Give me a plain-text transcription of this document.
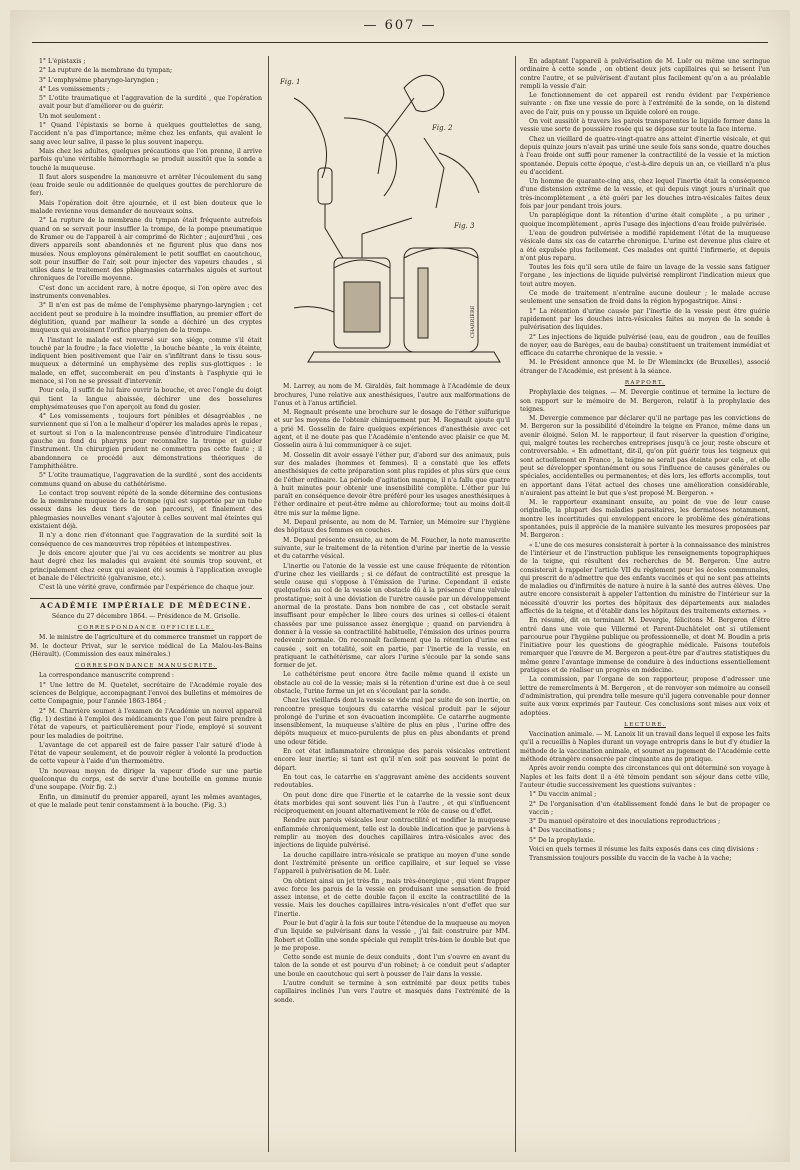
— 607 —

1° L'épistaxis ;

2° La rupture de la membrane du tympan;

3° L'emphysème pharyngo-laryngien ;

4° Les vomissements ;

5° L'otite traumatique et l'aggravation de la surdité , que l'opération avait pour but d'améliorer ou de guérir.

Un mot seulement :

1° Quand l'épistaxis se borne à quelques gouttelettes de sang, l'accident n'a pas d'importance; même chez les enfants, qui avalent le sang avec leur salive, il passe le plus souvent inaperçu.

Mais chez les adultes, quelques précautions que l'on prenne, il arrive parfois qu'une véritable hémorrhagie se produit aussitôt que la sonde a touché la muqueuse.

Il faut alors suspendre la manœuvre et arrêter l'écoulement du sang (eau froide seule ou additionnée de quelques gouttes de perchlorure de fer).

Mais l'opération doit être ajournée, et il est bien douteux que le malade revienne vous demander de nouveaux soins.

2° La rupture de la membrane du tympan était fréquente autrefois quand on se servait pour insuffler la trompe, de la pompe pneumatique de Kramer ou de l'appareil à air comprimé de Richter ; aujourd'hui , ces divers appareils sont abandonnés et ne figurent plus que dans nos musées. Nous employons généralement le petit soufflet en caoutchouc, soit pour insuffler de l'air, soit pour injecter des vapeurs chaudes , si utiles dans le traitement des phlegmasies catarrhales aiguës et surtout chroniques de l'oreille moyenne.

C'est donc un accident rare, à notre époque, si l'on opère avec des instruments convenables.

3° Il n'en est pas de même de l'emphysème pharyngo-laryngien ; cet accident peut se produire à la moindre insufflation, au premier effort de déglutition, quand par malheur la sonde a déchiré un des cryptes muqueux qui avoisinent l'orifice pharyngien de la trompe.

A l'instant le malade est renversé sur son siége, comme s'il était touché par la foudre ; la face violette , la bouche béante , la voix éteinte, indiquent bien positivement que l'air en s'infiltrant dans le tissu sous-muqueux a déterminé un emphysème des replis sus-glottiques : le malade, en effet, succomberait en peu d'instants à l'asphyxie qui le menace, si l'on ne se pressait d'intervenir.

Pour cela, il suffit de lui faire ouvrir la bouche, et avec l'ongle du doigt qui tient la langue abaissée, déchirer une des bosselures emphysémateuses que l'on aperçoit au fond du gosier.

4° Les vomissements , toujours fort pénibles et désagréables , ne surviennent que si l'on a le malheur d'opérer les malades après le repas , et surtout si l'on a la malencontreuse pensée d'introduire l'indicateur gauche au fond du pharynx pour reconnaître la trompe et guider l'instrument. Un chirurgien prudent ne commettra pas cette faute ; il abandonnera ce procédé aux démonstrations théoriques de l'amphithéâtre.

5° L'otite traumatique, l'aggravation de la surdité , sont des accidents communs quand on abuse du cathétérisme.

Le contact trop souvent répété de la sonde détermine des contusions de la membrane muqueuse de la trompe (qui est supportée par un tube osseux dans les deux tiers de son parcours), et finalement des phlegmasies nouvelles venant s'ajouter à celles souvent mal éteintes qui existaient déjà.

Il n'y a donc rien d'étonnant que l'aggravation de la surdité soit la conséquence de ces manœuvres trop répétées et intempestives.

Je dois encore ajouter que j'ai vu ces accidents se montrer au plus haut degré chez les malades qui avaient été soumis trop souvent, et principalement chez ceux qui avaient été soumis à l'application aveugle et banale de l'électricité (galvanisme, etc.).

C'est là une vérité grave, confirmée par l'expérience de chaque jour.

ACADÉMIE IMPÉRIALE DE MÉDECINE.

Séance du 27 décembre 1864. — Présidence de M. Grisolle.

CORRESPONDANCE OFFICIELLE.

M. le ministre de l'agriculture et du commerce transmet un rapport de M. le docteur Privat, sur le service médical de La Malou-les-Bains (Hérault). (Commission des eaux minérales.)

CORRESPONDANCE MANUSCRITE.

La correspondance manuscrite comprend :

1° Une lettre de M. Quetelet, secrétaire de l'Académie royale des sciences de Belgique, accompagnant l'envoi des bulletins et mémoires de cette Compagnie, pour l'année 1863-1864 ;

2° M. Charrière soumet à l'examen de l'Académie un nouvel appareil (fig. 1) destiné à l'emploi des médicaments que l'on peut faire prendre à l'état de vapeurs, et particulièrement pour l'iode, employé si souvent pour les maladies de poitrine.

L'avantage de cet appareil est de faire passer l'air saturé d'iode à l'état de vapeur seulement, et de pouvoir régler à volonté la production de cette vapeur à l'aide d'un thermomètre.

Un nouveau moyen de diriger la vapeur d'iode sur une partie quelconque du corps, est de servir d'une bouteille en gomme munie d'une soupape. (Voir fig. 2.)

Enfin, un diminutif du premier appareil, ayant les mêmes avantages, et que le malade peut tenir constamment à la bouche. (Fig. 3.)

Fig. 1
Fig. 2
Fig. 3
CHARRIÈRE

M. Larrey, au nom de M. Giraldès, fait hommage à l'Académie de deux brochures, l'une relative aux anesthésiques, l'autre aux malformations de l'anus et à l'anus artificiel.

M. Regnault présente une brochure sur le dosage de l'éther sulfurique et sur les moyens de l'obtenir chimiquement pur. M. Regnault ajoute qu'il a prié M. Gosselin de faire quelques expériences d'anesthésie avec cet agent, et il ne doute pas que l'Académie n'entende avec plaisir ce que M. Gosselin aura à lui communiquer à ce sujet.

M. Gosselin dit avoir essayé l'éther pur, d'abord sur des animaux, puis sur des malades (hommes et femmes). Il a constaté que les effets anesthésiques de cette préparation sont plus rapides et plus sûrs que ceux de l'éther ordinaire. La période d'agitation manque, il n'a fallu que quatre à huit minutes pour obtenir une insensibilité complète. L'éther pur lui paraît en conséquence devoir être préféré pour les usages anesthésiques à l'éther ordinaire et peut-être même au chloroforme; tout au moins doit-il être mis sur la même ligne.

M. Depaul présente, au nom de M. Tarnier, un Mémoire sur l'hygiène des hôpitaux des femmes en couches.

M. Depaul présente ensuite, au nom de M. Foucher, la note manuscrite suivante, sur le traitement de la rétention d'urine par inertie de la vessie et du catarrhe vésical.

L'inertie ou l'atonie de la vessie est une cause fréquente de rétention d'urine chez les vieillards ; si ce défaut de contractilité est presque la seule cause qui s'oppose à l'émission de l'urine. Cependant il existe quelquefois au col de la vessie un obstacle dû à la présence d'une valvule prostatique; soit à une déviation de l'urètre causée par un développement anormal de la prostate. Dans bon nombre de cas , cet obstacle serait insuffisant pour empêcher le libre cours des urines si celles-ci étaient chassées par une puissance assez énergique ; quand on parviendra à donner à la vessie sa contractilité habituelle, l'émission des urines pourra redevenir normale. On reconnaît facilement que la rétention d'urine est causée , soit en totalité, soit en partie, par l'inertie de la vessie, en pratiquant le cathétérisme, car alors l'urine s'écoule par la sonde sans former de jet.

Le cathétérisme peut encore être facile même quand il existe un obstacle au col de la vessie; mais si la rétention d'urine est due à ce seul obstacle, l'urine forme un jet en s'écoulant par la sonde.

Chez les vieillards dont la vessie se vide mal par suite de son inertie, on rencontre presque toujours du catarrhe vésical produit par le séjour prolongé de l'urine et son évacuation incomplète. Ce catarrhe augmente insensiblement, la muqueuse s'altère de plus en plus , l'urine offre des dépôts muqueux et muco-purulents de plus en plus abondants et prend une odeur fétide.

En cet état inflammatoire chronique des parois vésicales entretient encore leur inertie; si tant est qu'il n'en soit pas souvent le point de départ.

En tout cas, le catarrhe en s'aggravant amène des accidents souvent redoutables.

On peut donc dire que l'inertie et le catarrhe de la vessie sont deux états morbides qui sont souvent liés l'un à l'autre , et qui s'influencent réciproquement en jouant alternativement le rôle de cause ou d'effet.

Rendre aux parois vésicales leur contractilité et modifier la muqueuse enflammée chroniquement, telle est la double indication que je parviens à remplir au moyen des douches capillaires intra-vésicales avec des injections de liquide pulvérisé.

La douche capillaire intra-vésicale se pratique au moyen d'une sonde dont l'extrémité présente un orifice capillaire, et sur lequel se visse l'appareil à pulvérisation de M. Luër.

On obtient ainsi un jet très-fin , mais très-énergique , qui vient frapper avec force les parois de la vessie en produisant une sensation de froid assez intense, et de cette double façon il excite la contractilité de la vessie. Mais les douches capillaires intra-vésicales n'ont d'effet que sur l'inertie.

Pour le but d'agir à la fois sur toute l'étendue de la muqueuse au moyen d'un liquide se pulvérisant dans la vessie , j'ai fait construire par MM. Robert et Collin une sonde spéciale qui remplit très-bien le double but que je me propose.

Cette sonde est munie de deux conduits , dont l'un s'ouvre en avant du talon de la sonde et est pourvu d'un robinet; à ce conduit peut s'adapter une boule en caoutchouc qui sert à pousser de l'air dans la vessie.

L'autre conduit se termine à son extrémité par deux petits tubes capillaires inclinés l'un vers l'autre et masqués dans l'extrémité de la sonde.

En adaptant l'appareil à pulvérisation de M. Luër ou même une seringue ordinaire à cette sonde , on obtient deux jets capillaires qui se brisent l'un contre l'autre, et se pulvérisent d'autant plus facilement qu'on a au préalable rempli la vessie d'air.

Le fonctionnement de cet appareil est rendu évident par l'expérience suivante : on fixe une vessie de porc à l'extrémité de la sonde, on la distend avec de l'air, puis on y pousse un liquide coloré en rouge.

On voit aussitôt à travers les parois transparentes le liquide former dans la vessie une sorte de poussière rosée qui se dépose sur toute la face interne.

Chez un vieillard de quatre-vingt-quatre ans atteint d'inertie vésicale, et qui depuis quinze jours n'avait pas uriné une seule fois sans sonde, quatre douches à l'eau froide ont suffi pour ramener la contractilité de la vessie et la miction spontanée. Depuis cette époque, c'est-à-dire depuis un an, ce vieillard n'a plus eu d'accident.

Un homme de quarante-cinq ans, chez lequel l'inertie était la conséquence d'une distension extrême de la vessie, et qui depuis vingt jours n'urinait que très-incomplètement , a été guéri par les douches intra-vésicales faites deux fois par jour pendant trois jours.

Un paraplégique dont la rétention d'urine était complète , a pu uriner , quoique incomplètement , après l'usage des injections d'eau froide pulvérisée.

L'eau de goudron pulvérisée a modifié rapidement l'état de la muqueuse vésicale dans six cas de catarrhe chronique. L'urine est devenue plus claire et a été expulsée plus facilement. Ces malades ont quitté l'infirmerie, et depuis n'ont plus reparu.

Toutes les fois qu'il sera utile de faire un lavage de la vessie sans fatiguer l'organe , les injections de liquide pulvérisé rempliront l'indication mieux que tout autre moyen.

Ce mode de traitement n'entraîne aucune douleur ; le malade accuse seulement une sensation de froid dans la région hypogastrique. Ainsi :

1° La rétention d'urine causée par l'inertie de la vessie peut être guérie rapidement par les douches intra-vésicales faites au moyen de la sonde à pulvérisation des liquides.

2° Les injections de liquide pulvérisé (eau, eau de goudron , eau de feuilles de noyer, eau de Barèges, eau de bauba) constituent un traitement immédiat et efficace du catarrhe chronique de la vessie. »

M. le Président annonce que M. le Dr Wleminckx (de Bruxelles), associé étranger de l'Académie, est présent à la séance.

RAPPORT.

Prophylaxie des teignes. — M. Devergie continue et termine la lecture de son rapport sur le mémoire de M. Bergeron, relatif à la prophylaxie des teignes.

M. Devergie commence par déclarer qu'il ne partage pas les convictions de M. Bergeron sur la possibilité d'éteindre la teigne en France, même dans un avenir éloigné. Selon M. le rapporteur, il faut réserver la question d'origine, qui, malgré toutes les recherches entreprises jusqu'à ce jour, reste obscure et controversable. « En admettant, dit-il, qu'on pût guérir tous les teigneux qui sont actuellement en France , la teigne ne serait pas éteinte pour cela , et elle peut se développer spontanément ou sous l'influence de causes générales ou spéciales, accidentelles ou permanentes; et dès lors, les efforts accomplis, tout en apportant dans l'état actuel des choses une amélioration considérable, n'auraient pas atteint le but que s'est proposé M. Bergeron. »

M. le rapporteur examinant ensuite, au point de vue de leur cause originelle, la plupart des maladies parasitaires, les dermatoses notamment, montre les incertitudes qui enveloppent encore le problème des générations spontanées, puis il apprécie de la manière suivante les mesures proposées par M. Bergeron :

« L'une de ces mesures consisterait à porter à la connaissance des ministres de l'intérieur et de l'instruction publique les renseignements topographiques de la teigne, qui résultent des recherches de M. Bergeron. Une autre consisterait à rappeler l'article VII du règlement pour les écoles communales, qui prescrit de n'admettre que des enfants vaccinés et qui ne sont pas atteints de maladies ou d'infirmités de nature à nuire à la santé des autres élèves. Une autre encore consisterait à appeler l'attention du ministre de l'intérieur sur la nécessité d'ouvrir les portes des hôpitaux des départements aux malades affectés de la teigne, et d'établir dans les hôpitaux des traitements externes. »

En résumé, dit en terminant M. Devergie, félicitons M. Bergeron d'être entré dans une voie que Villermé et Parent-Duchâtelet ont si utilement parcourue pour l'hygiène publique ou professionnelle, et dont M. Boudin a pris l'initiative pour les questions de géographie médicale. Faisons toutefois remarquer que l'œuvre de M. Bergeron a peut-être par d'autres statistiques du même genre l'avantage immense de conduire à des inductions essentiellement pratiques et de réaliser un progrès en médecine.

La commission, par l'organe de son rapporteur, propose d'adresser une lettre de remercîments à M. Bergeron , et de renvoyer son mémoire au conseil d'administration, qui prendra telle mesure qu'il jugera convenable pour donner suite aux vœux exprimés par l'auteur. Ces conclusions sont mises aux voix et adoptées.

LECTURE.

Vaccination animale. — M. Lanoix lit un travail dans lequel il expose les faits qu'il a recueillis à Naples durant un voyage entrepris dans le but d'y étudier la méthode de la vaccination animale, et soumet au jugement de l'Académie cette méthode étrangère consacrée par cinquante ans de pratique.

Après avoir rendu compte des circonstances qui ont déterminé son voyage à Naples et les faits dont il a été témoin pendant son séjour dans cette ville, l'auteur étudie successivement les questions suivantes :

1° Du vaccin animal ;

2° De l'organisation d'un établissement fondé dans le but de propager ce vaccin ;

3° Du manuel opératoire et des inoculations reproductrices ;

4° Des vaccinations ;

5° De la prophylaxie.

Voici en quels termes il résume les faits exposés dans ces cinq divisions :

Transmission toujours possible du vaccin de la vache à la vache;
